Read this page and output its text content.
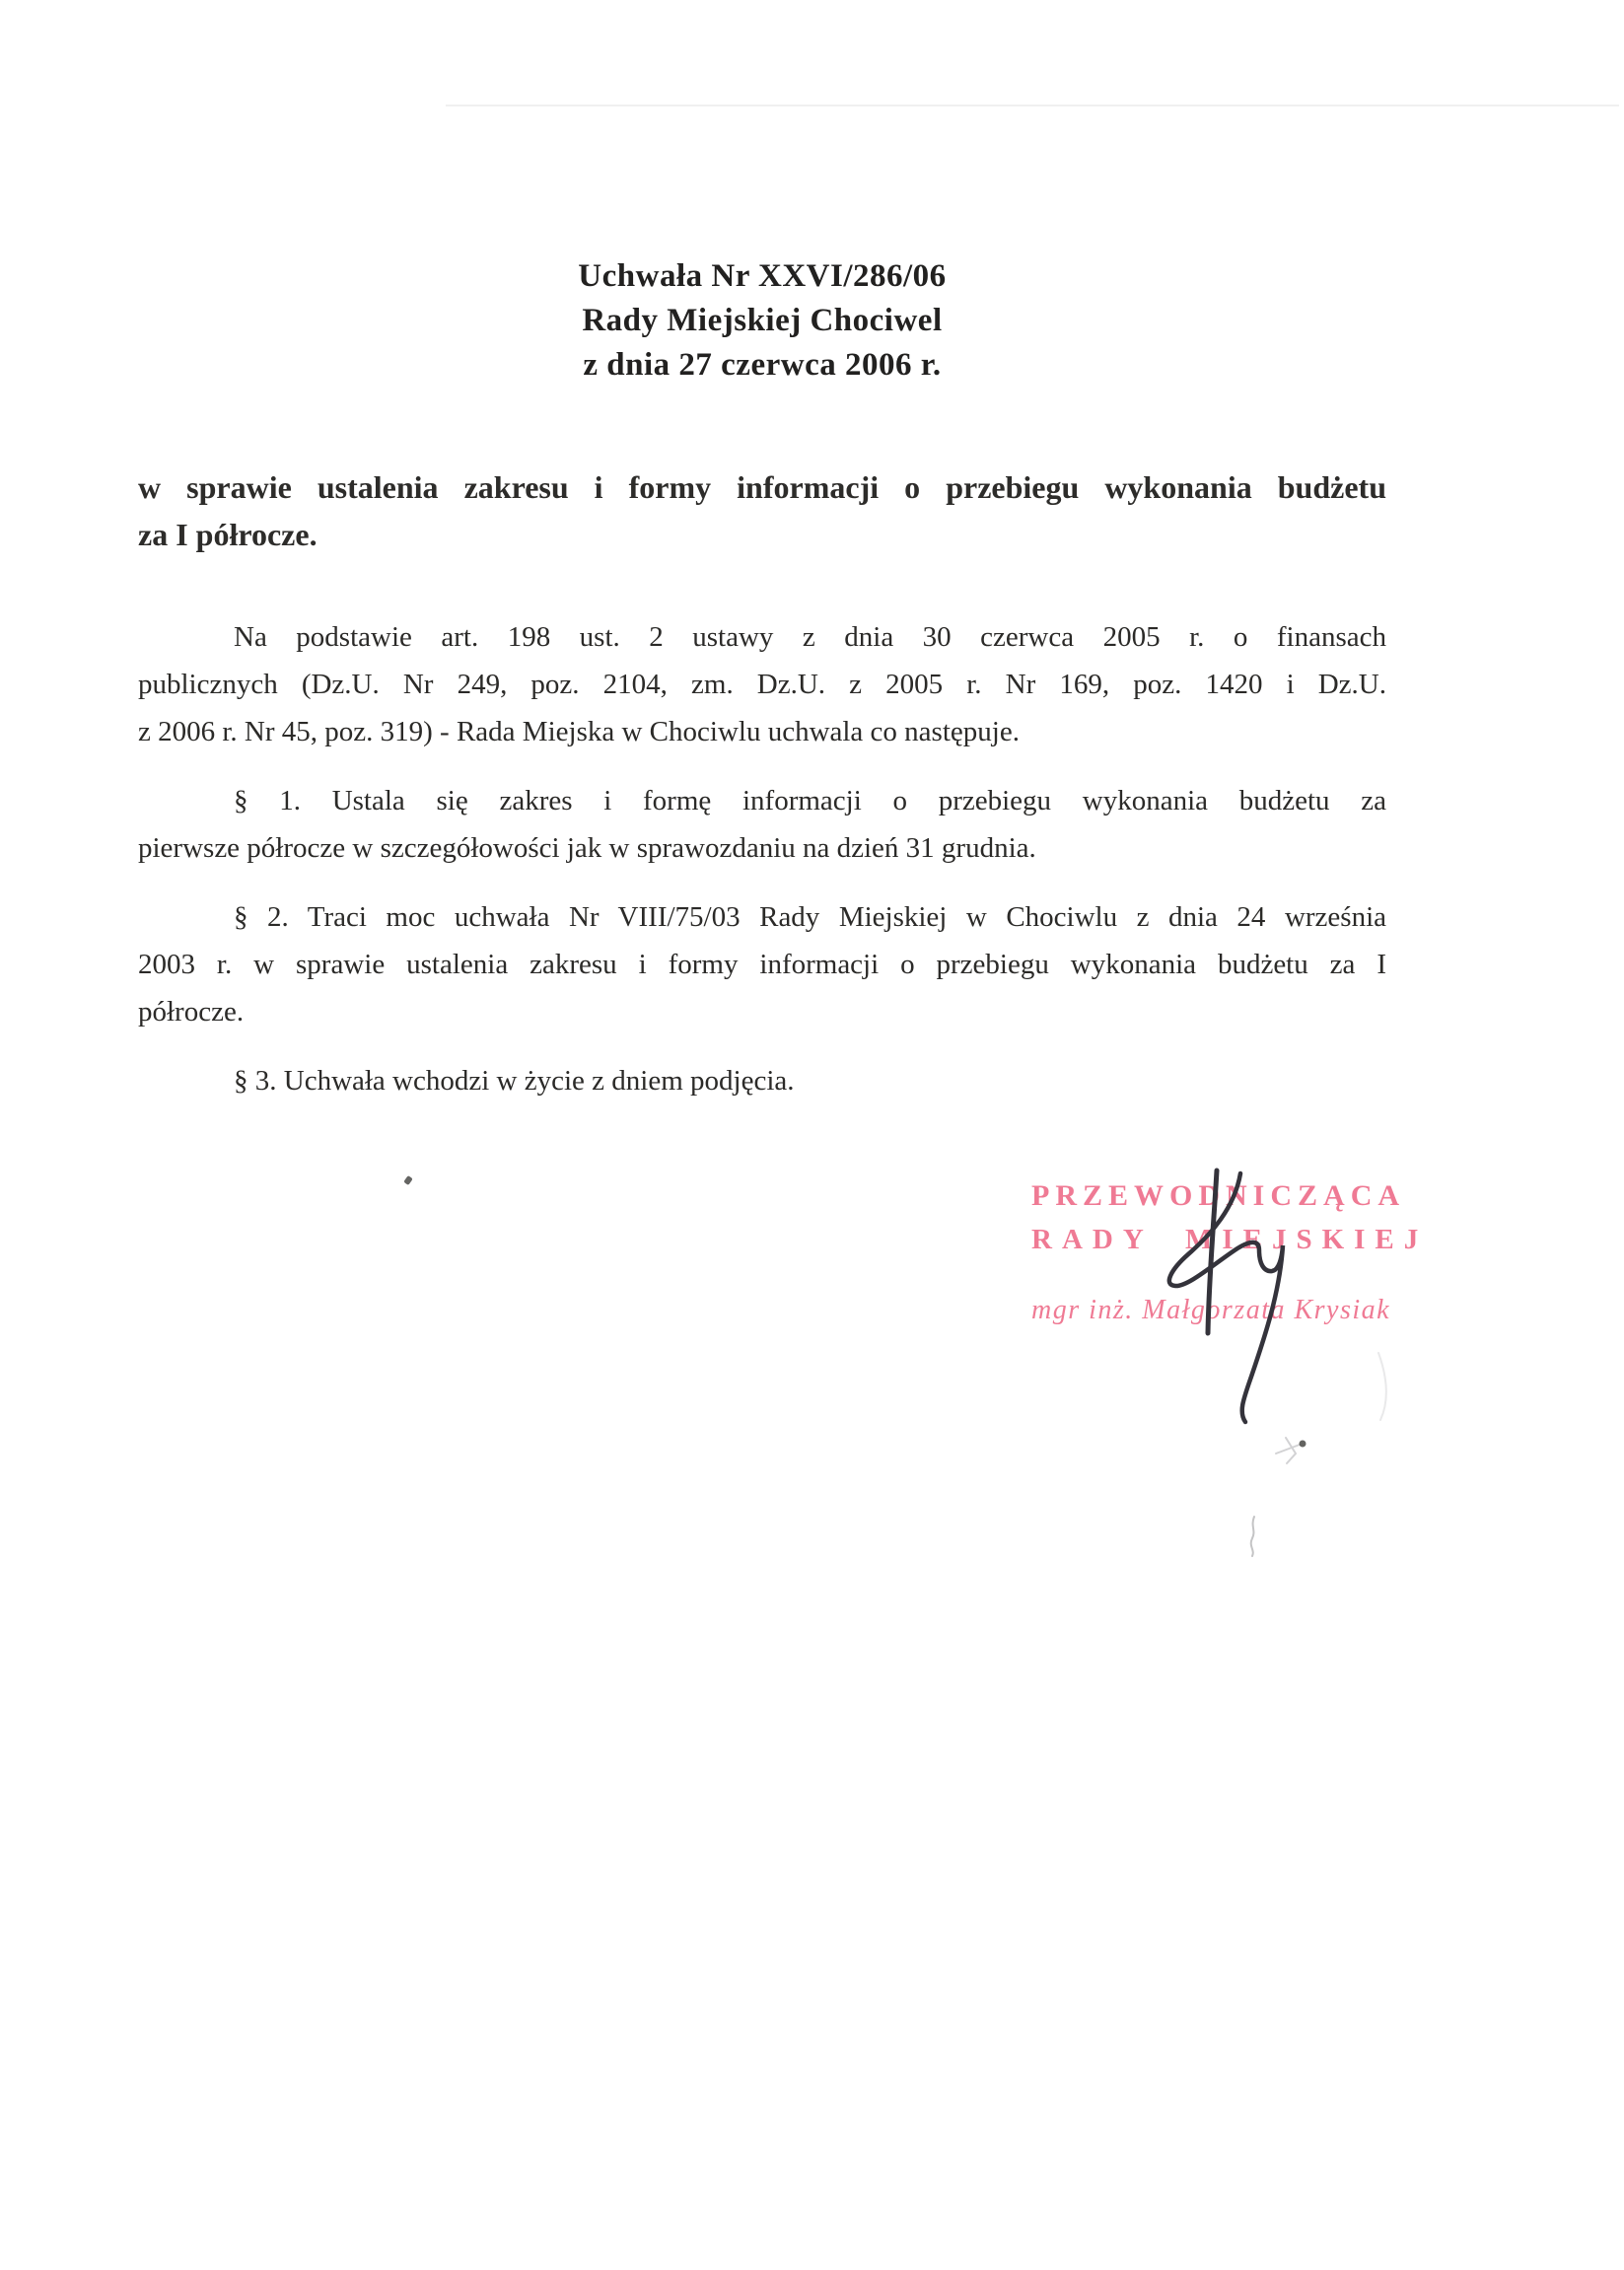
Uchwała Nr XXVI/286/06
Rady Miejskiej Chociwel
z dnia 27 czerwca 2006 r.
w sprawie ustalenia zakresu i formy informacji o przebiegu wykonania budżetu
za I półrocze.
Na podstawie art. 198 ust. 2 ustawy z dnia 30 czerwca 2005 r. o finansach
publicznych (Dz.U. Nr 249, poz. 2104, zm. Dz.U. z 2005 r. Nr 169, poz. 1420 i Dz.U.
z 2006 r. Nr 45, poz. 319) - Rada Miejska w Chociwlu uchwala co następuje.
§ 1. Ustala się zakres i formę informacji o przebiegu wykonania budżetu za
pierwsze półrocze w szczegółowości jak w sprawozdaniu na dzień 31 grudnia.
§ 2. Traci moc uchwała Nr VIII/75/03 Rady Miejskiej w Chociwlu z dnia 24 września
2003 r. w sprawie ustalenia zakresu i formy informacji o przebiegu wykonania budżetu za I
półrocze.
§ 3. Uchwała wchodzi w życie z dniem podjęcia.
PRZEWODNICZĄCA
RADY MIEJSKIEJ
mgr inż. Małgorzata Krysiak
